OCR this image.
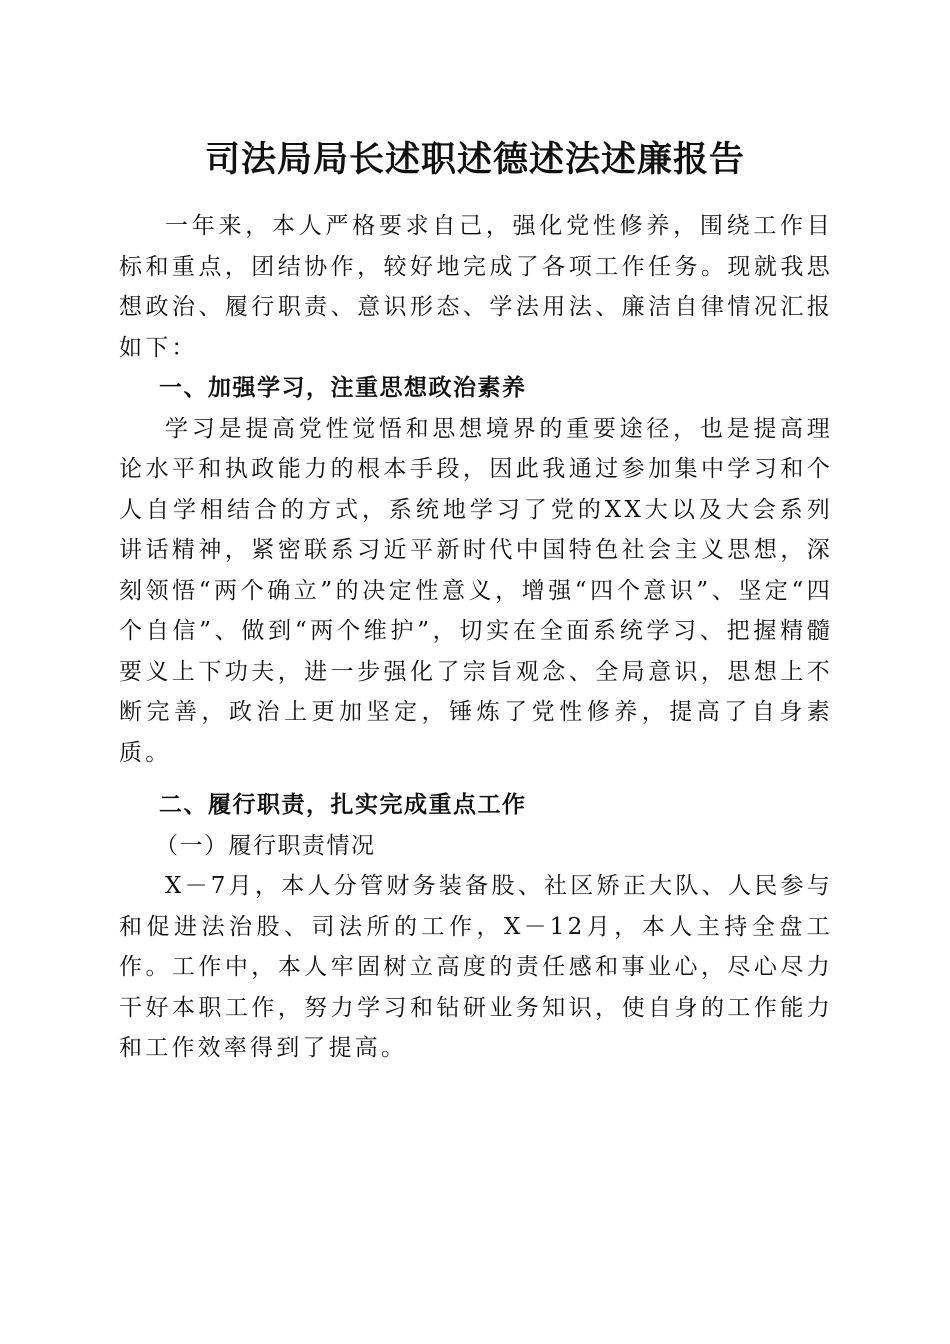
司法局局长述职述德述法述廉报告

一年来，本人严格要求自己，强化党性修养，围绕工作目标和重点，团结协作，较好地完成了各项工作任务。现就我思想政治、履行职责、意识形态、学法用法、廉洁自律情况汇报如下：

一、加强学习，注重思想政治素养

学习是提高党性觉悟和思想境界的重要途径，也是提高理论水平和执政能力的根本手段，因此我通过参加集中学习和个人自学相结合的方式，系统地学习了党的XX大以及大会系列讲话精神，紧密联系习近平新时代中国特色社会主义思想，深刻领悟“两个确立”的决定性意义，增强“四个意识”、坚定“四个自信”、做到“两个维护”，切实在全面系统学习、把握精髓要义上下功夫，进一步强化了宗旨观念、全局意识，思想上不断完善，政治上更加坚定，锤炼了党性修养，提高了自身素质。

二、履行职责，扎实完成重点工作
（一）履行职责情况

X－7月，本人分管财务装备股、社区矫正大队、人民参与和促进法治股、司法所的工作，X－12月，本人主持全盘工作。工作中，本人牢固树立高度的责任感和事业心，尽心尽力干好本职工作，努力学习和钻研业务知识，使自身的工作能力和工作效率得到了提高。
